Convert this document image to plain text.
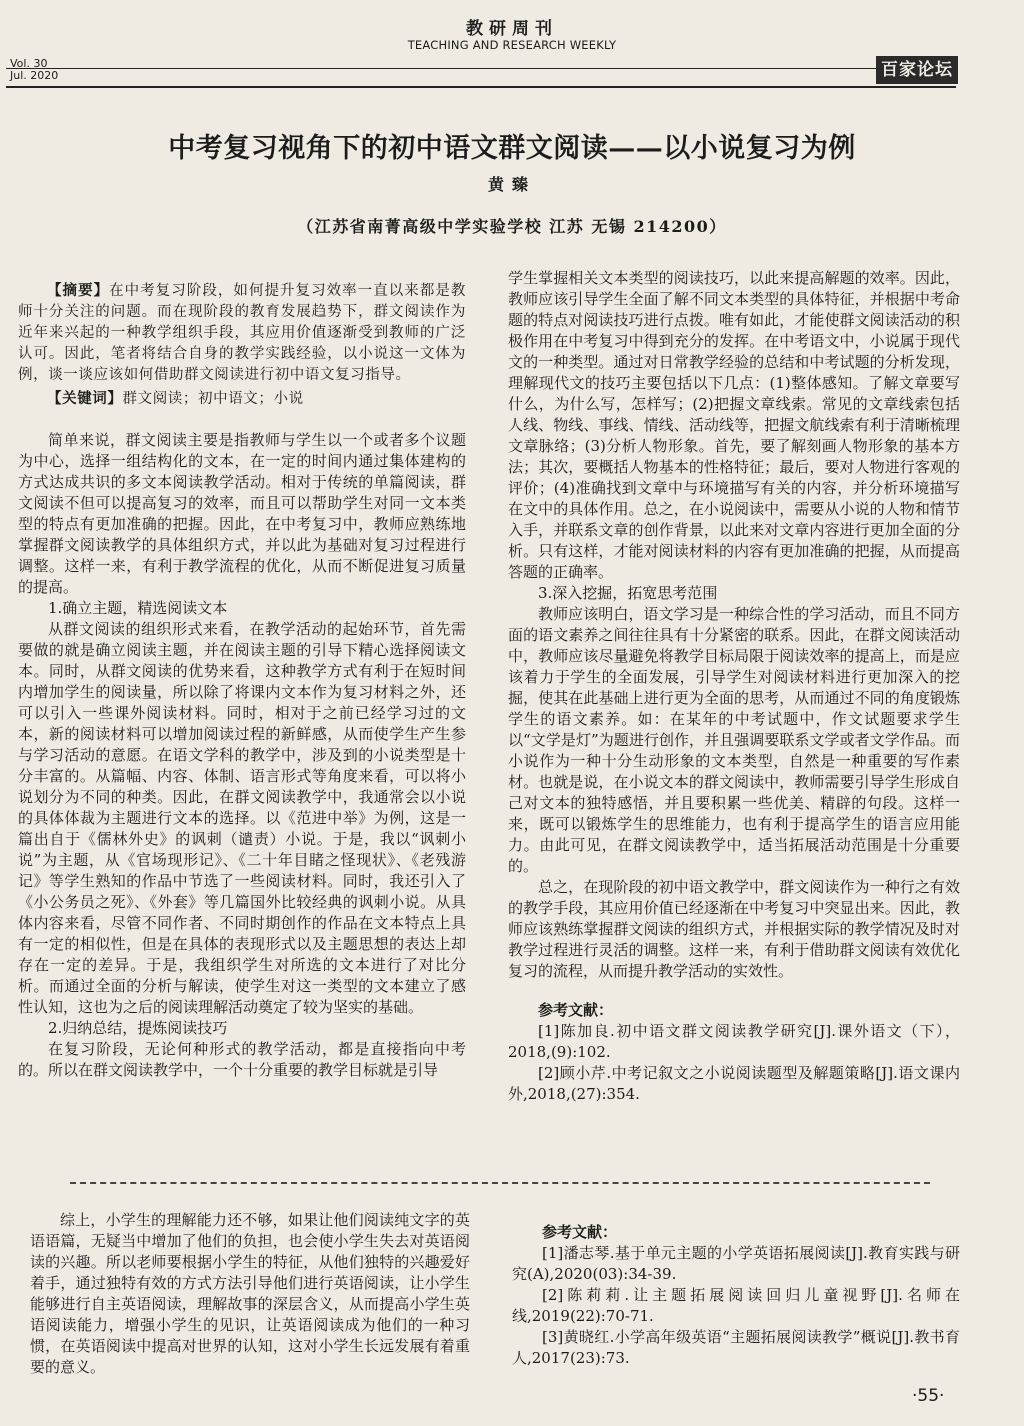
教研周刊
TEACHING AND RESEARCH WEEKLY
Vol. 30
Jul. 2020	百家论坛
中考复习视角下的初中语文群文阅读——以小说复习为例
黄臻
（江苏省南菁高级中学实验学校 江苏 无锡 214200）

【摘要】在中考复习阶段，如何提升复习效率一直以来都是教师十分关注的问题。而在现阶段的教育发展趋势下，群文阅读作为近年来兴起的一种教学组织手段，其应用价值逐渐受到教师的广泛认可。因此，笔者将结合自身的教学实践经验，以小说这一文体为例，谈一谈应该如何借助群文阅读进行初中语文复习指导。

【关键词】群文阅读；初中语文；小说

简单来说，群文阅读主要是指教师与学生以一个或者多个议题为中心，选择一组结构化的文本，在一定的时间内通过集体建构的方式达成共识的多文本阅读教学活动。相对于传统的单篇阅读，群文阅读不但可以提高复习的效率，而且可以帮助学生对同一文本类型的特点有更加准确的把握。因此，在中考复习中，教师应熟练地掌握群文阅读教学的具体组织方式，并以此为基础对复习过程进行调整。这样一来，有利于教学流程的优化，从而不断促进复习质量的提高。

1.确立主题，精选阅读文本

从群文阅读的组织形式来看，在教学活动的起始环节，首先需要做的就是确立阅读主题，并在阅读主题的引导下精心选择阅读文本。同时，从群文阅读的优势来看，这种教学方式有利于在短时间内增加学生的阅读量，所以除了将课内文本作为复习材料之外，还可以引入一些课外阅读材料。同时，相对于之前已经学习过的文本，新的阅读材料可以增加阅读过程的新鲜感，从而使学生产生参与学习活动的意愿。在语文学科的教学中，涉及到的小说类型是十分丰富的。从篇幅、内容、体制、语言形式等角度来看，可以将小说划分为不同的种类。因此，在群文阅读教学中，我通常会以小说的具体体裁为主题进行文本的选择。以《范进中举》为例，这是一篇出自于《儒林外史》的讽刺（谴责）小说。于是，我以“讽刺小说”为主题，从《官场现形记》、《二十年目睹之怪现状》、《老残游记》等学生熟知的作品中节选了一些阅读材料。同时，我还引入了《小公务员之死》、《外套》等几篇国外比较经典的讽刺小说。从具体内容来看，尽管不同作者、不同时期创作的作品在文本特点上具有一定的相似性，但是在具体的表现形式以及主题思想的表达上却存在一定的差异。于是，我组织学生对所选的文本进行了对比分析。而通过全面的分析与解读，使学生对这一类型的文本建立了感性认知，这也为之后的阅读理解活动奠定了较为坚实的基础。

2.归纳总结，提炼阅读技巧

在复习阶段，无论何种形式的教学活动，都是直接指向中考的。所以在群文阅读教学中，一个十分重要的教学目标就是引导

学生掌握相关文本类型的阅读技巧，以此来提高解题的效率。因此，教师应该引导学生全面了解不同文本类型的具体特征，并根据中考命题的特点对阅读技巧进行点拨。唯有如此，才能使群文阅读活动的积极作用在中考复习中得到充分的发挥。在中考语文中，小说属于现代文的一种类型。通过对日常教学经验的总结和中考试题的分析发现，理解现代文的技巧主要包括以下几点：(1)整体感知。了解文章要写什么，为什么写，怎样写；(2)把握文章线索。常见的文章线索包括人线、物线、事线、情线、活动线等，把握文航线索有利于清晰梳理文章脉络；(3)分析人物形象。首先，要了解刻画人物形象的基本方法；其次，要概括人物基本的性格特征；最后，要对人物进行客观的评价；(4)准确找到文章中与环境描写有关的内容，并分析环境描写在文中的具体作用。总之，在小说阅读中，需要从小说的人物和情节入手，并联系文章的创作背景，以此来对文章内容进行更加全面的分析。只有这样，才能对阅读材料的内容有更加准确的把握，从而提高答题的正确率。

3.深入挖掘，拓宽思考范围

教师应该明白，语文学习是一种综合性的学习活动，而且不同方面的语文素养之间往往具有十分紧密的联系。因此，在群文阅读活动中，教师应该尽量避免将教学目标局限于阅读效率的提高上，而是应该着力于学生的全面发展，引导学生对阅读材料进行更加深入的挖掘，使其在此基础上进行更为全面的思考，从而通过不同的角度锻炼学生的语文素养。如：在某年的中考试题中，作文试题要求学生以“文学是灯”为题进行创作，并且强调要联系文学或者文学作品。而小说作为一种十分生动形象的文本类型，自然是一种重要的写作素材。也就是说，在小说文本的群文阅读中，教师需要引导学生形成自己对文本的独特感悟，并且要积累一些优美、精辟的句段。这样一来，既可以锻炼学生的思维能力，也有利于提高学生的语言应用能力。由此可见，在群文阅读教学中，适当拓展活动范围是十分重要的。

总之，在现阶段的初中语文教学中，群文阅读作为一种行之有效的教学手段，其应用价值已经逐渐在中考复习中突显出来。因此，教师应该熟练掌握群文阅读的组织方式，并根据实际的教学情况及时对教学过程进行灵活的调整。这样一来，有利于借助群文阅读有效优化复习的流程，从而提升教学活动的实效性。

参考文献：

[1]陈加良.初中语文群文阅读教学研究[J].课外语文（下），2018,(9):102.

[2]顾小芹.中考记叙文之小说阅读题型及解题策略[J].语文课内外,2018,(27):354.

综上，小学生的理解能力还不够，如果让他们阅读纯文字的英语语篇，无疑当中增加了他们的负担，也会使小学生失去对英语阅读的兴趣。所以老师要根据小学生的特征，从他们独特的兴趣爱好着手，通过独特有效的方式方法引导他们进行英语阅读，让小学生能够进行自主英语阅读，理解故事的深层含义，从而提高小学生英语阅读能力，增强小学生的见识，让英语阅读成为他们的一种习惯，在英语阅读中提高对世界的认知，这对小学生长远发展有着重要的意义。

参考文献：

[1]潘志琴.基于单元主题的小学英语拓展阅读[J].教育实践与研究(A),2020(03):34-39.

[2]陈莉莉.让主题拓展阅读回归儿童视野[J].名师在线,2019(22):70-71.

[3]黄晓红.小学高年级英语“主题拓展阅读教学”概说[J].教书育人,2017(23):73.

·55·
